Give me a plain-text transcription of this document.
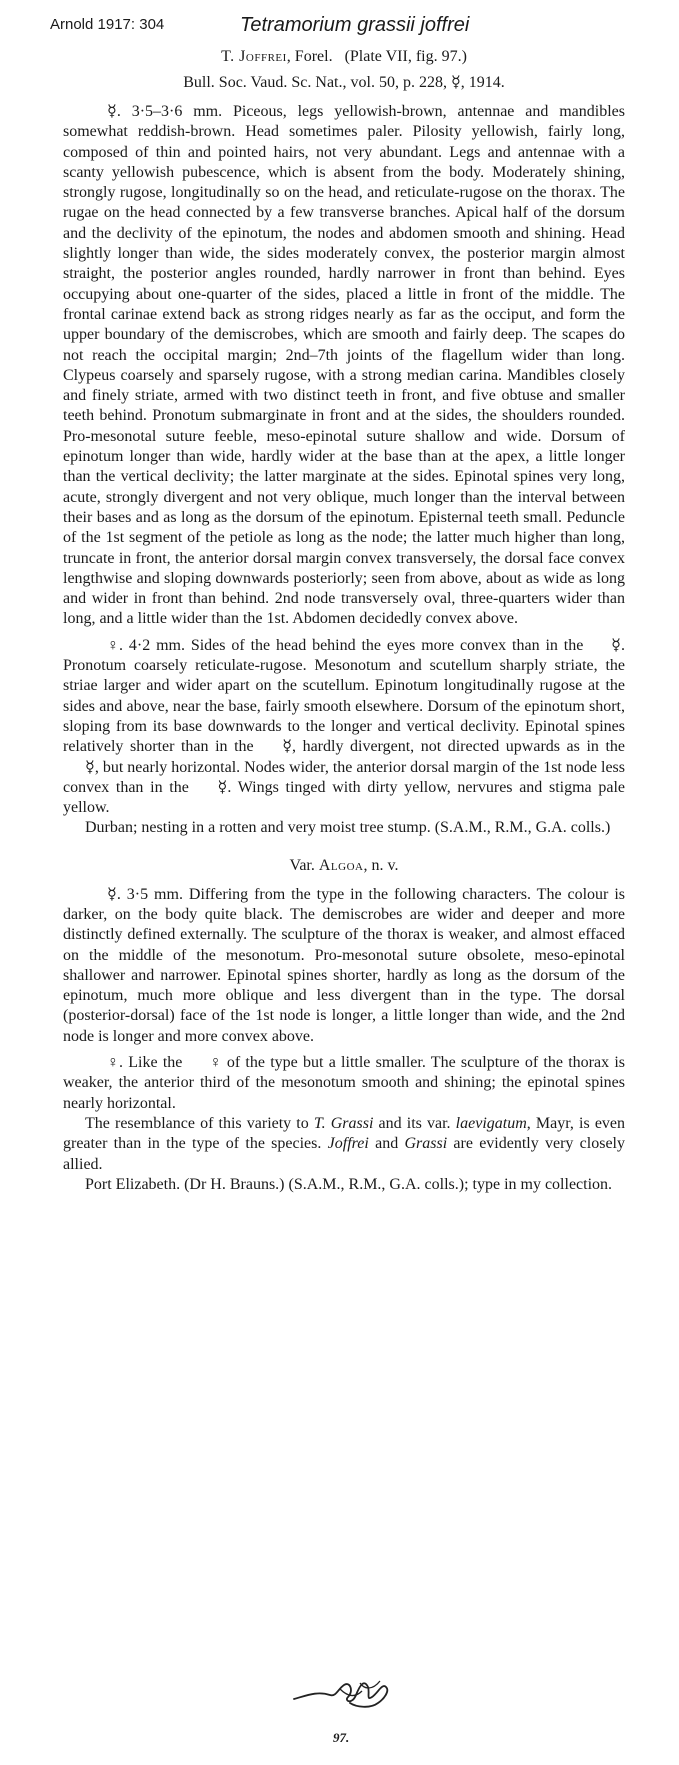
Arnold 1917: 304	Tetramorium grassii joffrei
T. Joffrei, Forel. (Plate VII, fig. 97.)
Bull. Soc. Vaud. Sc. Nat., vol. 50, p. 228, ☿, 1914.

☿. 3·5–3·6 mm. Piceous, legs yellowish-brown, antennae and mandibles somewhat reddish-brown. Head sometimes paler. Pilosity yellowish, fairly long, composed of thin and pointed hairs, not very abundant. Legs and antennae with a scanty yellowish pubescence, which is absent from the body. Moderately shining, strongly rugose, longitudinally so on the head, and reticulate-rugose on the thorax. The rugae on the head connected by a few transverse branches. Apical half of the dorsum and the declivity of the epinotum, the nodes and abdomen smooth and shining. Head slightly longer than wide, the sides moderately convex, the posterior margin almost straight, the posterior angles rounded, hardly narrower in front than behind. Eyes occupying about one-quarter of the sides, placed a little in front of the middle. The frontal carinae extend back as strong ridges nearly as far as the occiput, and form the upper boundary of the demiscrobes, which are smooth and fairly deep. The scapes do not reach the occipital margin; 2nd–7th joints of the flagellum wider than long. Clypeus coarsely and sparsely rugose, with a strong median carina. Mandibles closely and finely striate, armed with two distinct teeth in front, and five obtuse and smaller teeth behind. Pronotum submarginate in front and at the sides, the shoulders rounded. Pro-mesonotal suture feeble, meso-epinotal suture shallow and wide. Dorsum of epinotum longer than wide, hardly wider at the base than at the apex, a little longer than the vertical declivity; the latter marginate at the sides. Epinotal spines very long, acute, strongly divergent and not very oblique, much longer than the interval between their bases and as long as the dorsum of the epinotum. Episternal teeth small. Peduncle of the 1st segment of the petiole as long as the node; the latter much higher than long, truncate in front, the anterior dorsal margin convex transversely, the dorsal face convex lengthwise and sloping downwards posteriorly; seen from above, about as wide as long and wider in front than behind. 2nd node transversely oval, three-quarters wider than long, and a little wider than the 1st. Abdomen decidedly convex above.

♀. 4·2 mm. Sides of the head behind the eyes more convex than in the ☿. Pronotum coarsely reticulate-rugose. Mesonotum and scutellum sharply striate, the striae larger and wider apart on the scutellum. Epinotum longitudinally rugose at the sides and above, near the base, fairly smooth elsewhere. Dorsum of the epinotum short, sloping from its base downwards to the longer and vertical declivity. Epinotal spines relatively shorter than in the ☿, hardly divergent, not directed upwards as in the ☿, but nearly horizontal. Nodes wider, the anterior dorsal margin of the 1st node less convex than in the ☿. Wings tinged with dirty yellow, nervures and stigma pale yellow.

Durban; nesting in a rotten and very moist tree stump. (S.A.M., R.M., G.A. colls.)

Var. Algoa, n. v.

☿. 3·5 mm. Differing from the type in the following characters. The colour is darker, on the body quite black. The demiscrobes are wider and deeper and more distinctly defined externally. The sculpture of the thorax is weaker, and almost effaced on the middle of the mesonotum. Pro-mesonotal suture obsolete, meso-epinotal shallower and narrower. Epinotal spines shorter, hardly as long as the dorsum of the epinotum, much more oblique and less divergent than in the type. The dorsal (posterior-dorsal) face of the 1st node is longer, a little longer than wide, and the 2nd node is longer and more convex above.

♀. Like the ♀ of the type but a little smaller. The sculpture of the thorax is weaker, the anterior third of the mesonotum smooth and shining; the epinotal spines nearly horizontal.

The resemblance of this variety to T. Grassi and its var. laevigatum, Mayr, is even greater than in the type of the species. Joffrei and Grassi are evidently very closely allied.

Port Elizabeth. (Dr H. Brauns.) (S.A.M., R.M., G.A. colls.); type in my collection.

97.
